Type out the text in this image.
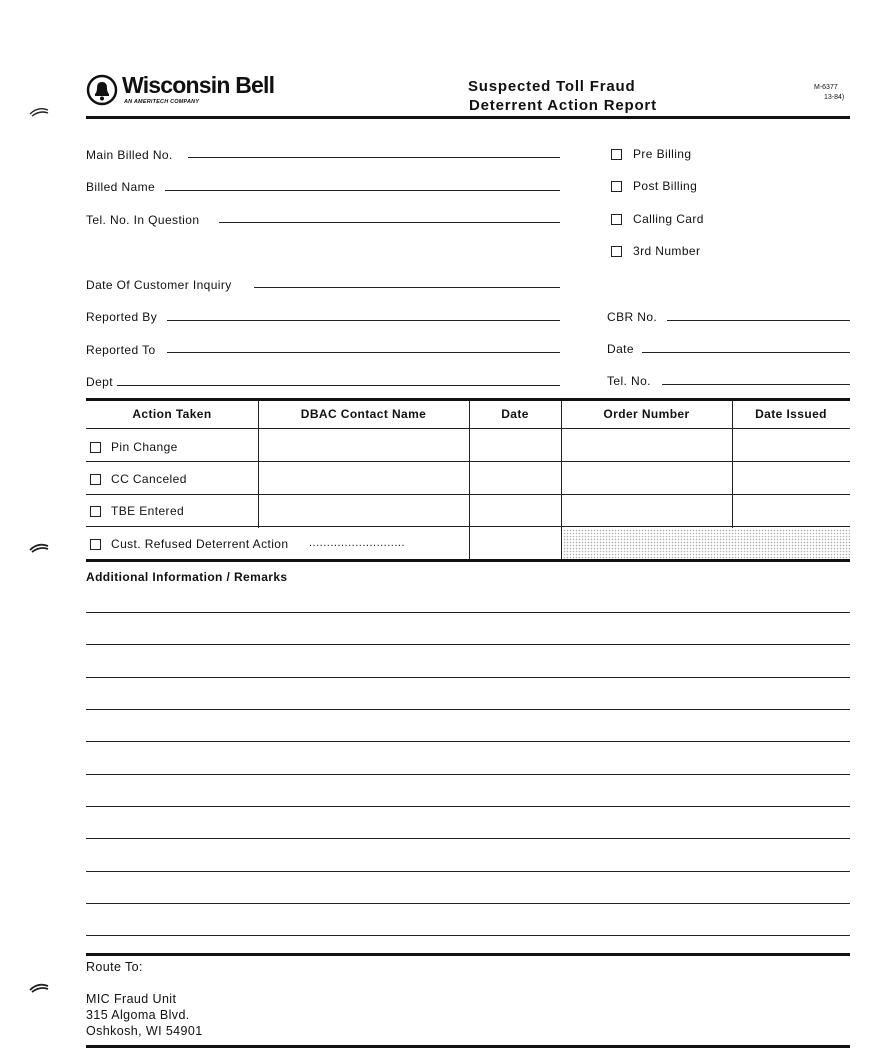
Wisconsin Bell
AN AMERITECH COMPANY
Suspected Toll Fraud
Deterrent Action Report
M-6377
13-84)
Main Billed No.
Billed Name
Tel. No. In Question
Date Of Customer Inquiry
Reported By
Reported To
Dept
Pre Billing
Post Billing
Calling Card
3rd Number
CBR No.
Date
Tel. No.
Action Taken	DBAC Contact Name	Date	Order Number	Date Issued
Pin Change
CC Canceled
TBE Entered
Cust. Refused Deterrent Action ...........................
Additional Information / Remarks
Route To:
MIC Fraud Unit
315 Algoma Blvd.
Oshkosh, WI 54901
